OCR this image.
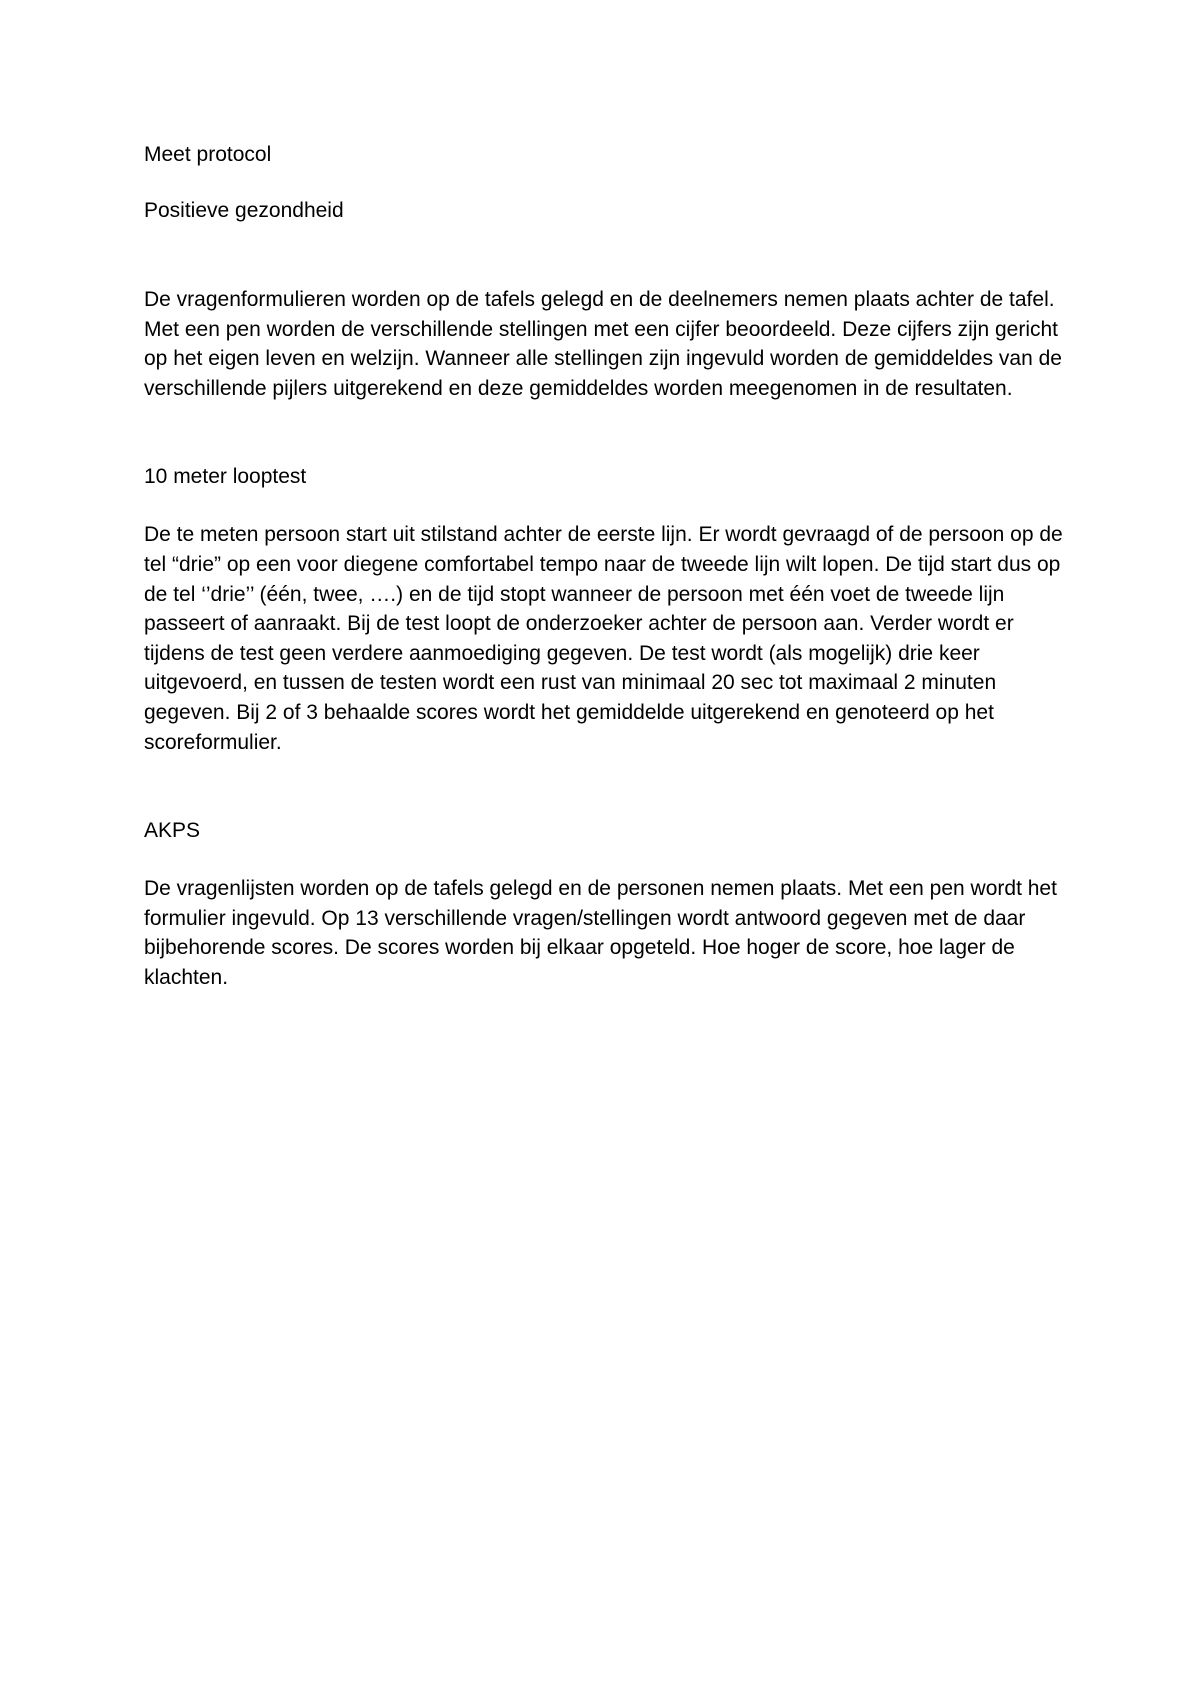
Meet protocol
Positieve gezondheid

De vragenformulieren worden op de tafels gelegd en de deelnemers nemen plaats achter de tafel. Met een pen worden de verschillende stellingen met een cijfer beoordeeld. Deze cijfers zijn gericht op het eigen leven en welzijn. Wanneer alle stellingen zijn ingevuld worden de gemiddeldes van de verschillende pijlers uitgerekend en deze gemiddeldes worden meegenomen in de resultaten.

10 meter looptest

De te meten persoon start uit stilstand achter de eerste lijn. Er wordt gevraagd of de persoon op de tel “drie” op een voor diegene comfortabel tempo naar de tweede lijn wilt lopen. De tijd start dus op de tel ‘’drie’’ (één, twee, ….) en de tijd stopt wanneer de persoon met één voet de tweede lijn passeert of aanraakt. Bij de test loopt de onderzoeker achter de persoon aan. Verder wordt er tijdens de test geen verdere aanmoediging gegeven. De test wordt (als mogelijk) drie keer uitgevoerd, en tussen de testen wordt een rust van minimaal 20 sec tot maximaal 2 minuten gegeven. Bij 2 of 3 behaalde scores wordt het gemiddelde uitgerekend en genoteerd op het scoreformulier.

AKPS

De vragenlijsten worden op de tafels gelegd en de personen nemen plaats. Met een pen wordt het formulier ingevuld. Op 13 verschillende vragen/stellingen wordt antwoord gegeven met de daar bijbehorende scores. De scores worden bij elkaar opgeteld. Hoe hoger de score, hoe lager de klachten.
